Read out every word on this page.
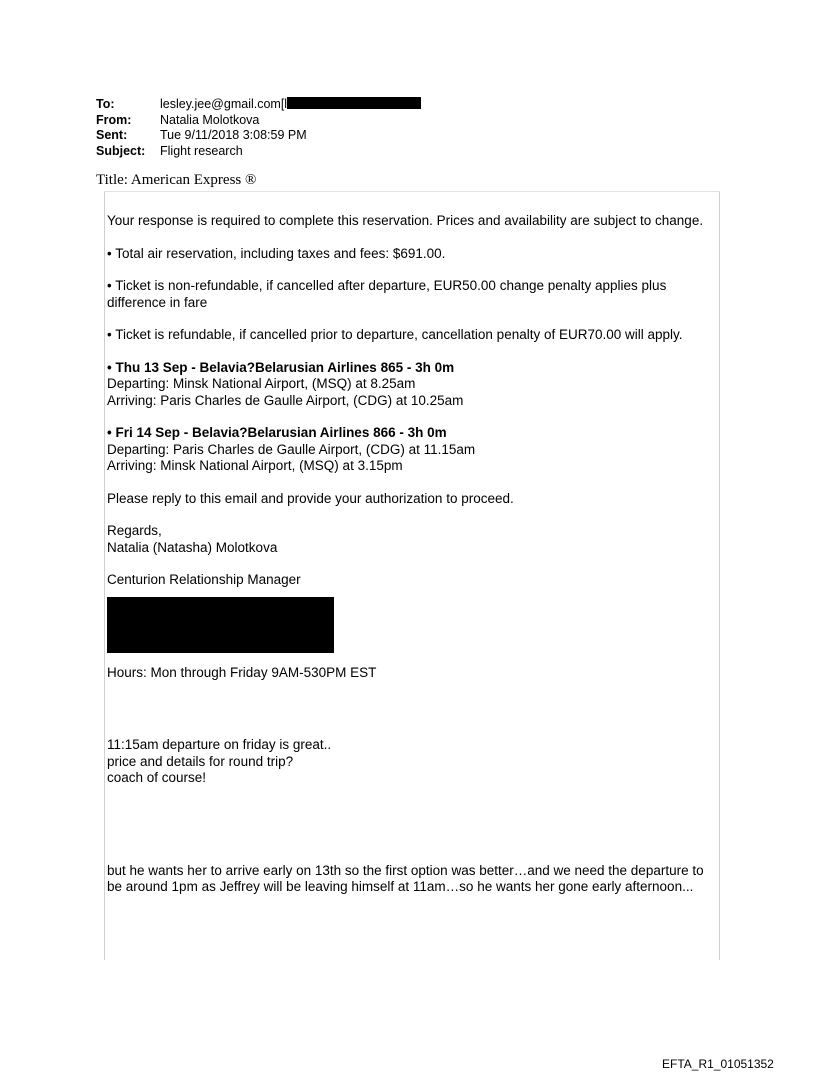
To:	lesley.jee@gmail.com[l
From:	Natalia Molotkova
Sent:	Tue 9/11/2018 3:08:59 PM
Subject:	Flight research
Title: American Express ®

Your response is required to complete this reservation. Prices and availability are subject to change.

• Total air reservation, including taxes and fees: $691.00.

• Ticket is non-refundable, if cancelled after departure, EUR50.00 change penalty applies plus difference in fare

• Ticket is refundable, if cancelled prior to departure, cancellation penalty of EUR70.00 will apply.

• Thu 13 Sep - Belavia?Belarusian Airlines 865 - 3h 0m
Departing: Minsk National Airport, (MSQ) at 8.25am
Arriving: Paris Charles de Gaulle Airport, (CDG) at 10.25am

• Fri 14 Sep - Belavia?Belarusian Airlines 866 - 3h 0m
Departing: Paris Charles de Gaulle Airport, (CDG) at 11.15am
Arriving: Minsk National Airport, (MSQ) at 3.15pm

Please reply to this email and provide your authorization to proceed.

Regards,
Natalia (Natasha) Molotkova

Centurion Relationship Manager

Hours: Mon through Friday 9AM-530PM EST

11:15am departure on friday is great..
price and details for round trip?
coach of course!

but he wants her to arrive early on 13th so the first option was better…and we need the departure to be around 1pm as Jeffrey will be leaving himself at 11am…so he wants her gone early afternoon...

EFTA_R1_01051352
